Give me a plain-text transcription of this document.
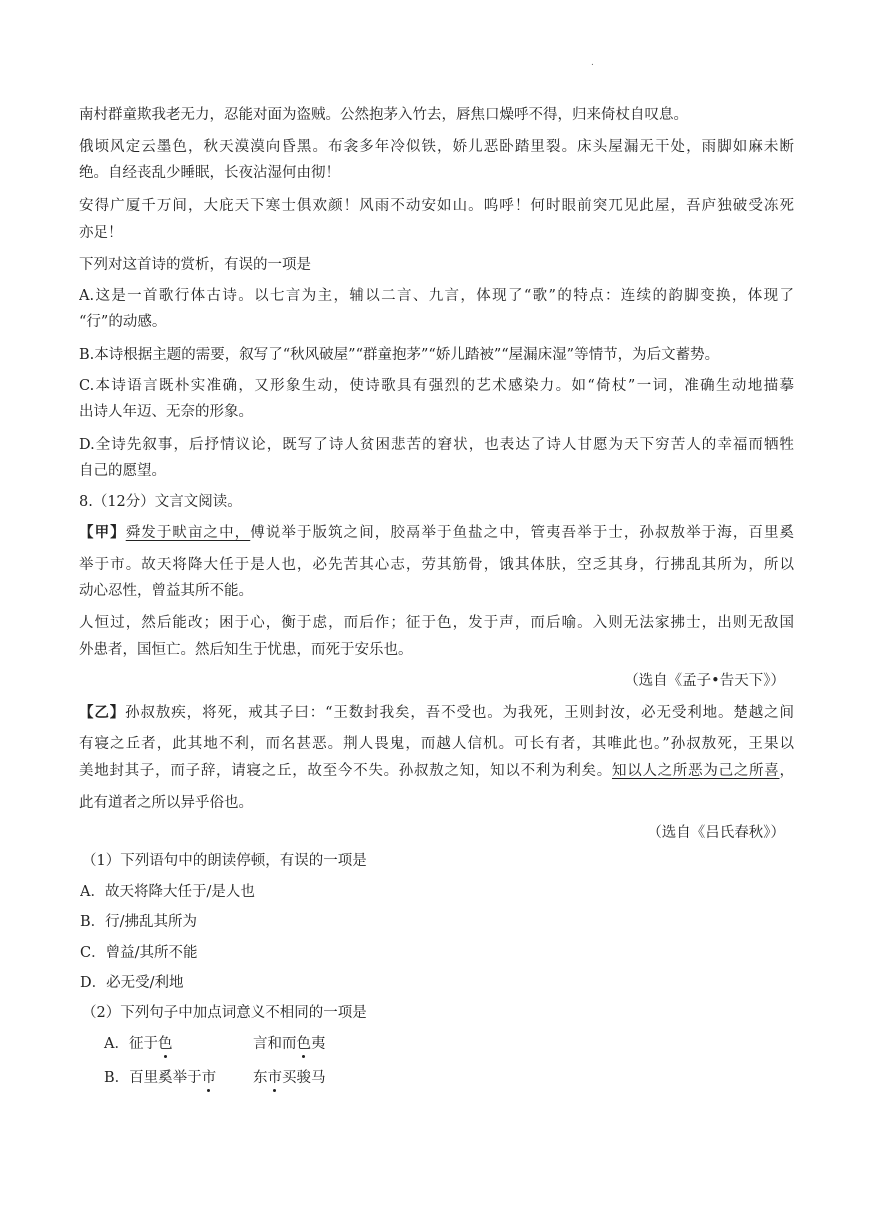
.
南村群童欺我老无力，忍能对面为盗贼。公然抱茅入竹去，唇焦口燥呼不得，归来倚杖自叹息。
俄顷风定云墨色，秋天漠漠向昏黑。布衾多年冷似铁，娇儿恶卧踏里裂。床头屋漏无干处，雨脚如麻未断
绝。自经丧乱少睡眠，长夜沾湿何由彻！
安得广厦千万间，大庇天下寒士俱欢颜！风雨不动安如山。呜呼！何时眼前突兀见此屋，吾庐独破受冻死
亦足！
下列对这首诗的赏析，有误的一项是
A.这是一首歌行体古诗。以七言为主，辅以二言、九言，体现了“歌”的特点：连续的韵脚变换，体现了
“行”的动感。
B.本诗根据主题的需要，叙写了“秋风破屋”“群童抱茅”“娇儿踏被”“屋漏床湿”等情节，为后文蓄势。
C.本诗语言既朴实准确，又形象生动，使诗歌具有强烈的艺术感染力。如“倚杖”一词，准确生动地描摹
出诗人年迈、无奈的形象。
D.全诗先叙事，后抒情议论，既写了诗人贫困悲苦的窘状，也表达了诗人甘愿为天下穷苦人的幸福而牺牲
自己的愿望。
8.（12分）文言文阅读。
【甲】舜发于畎亩之中，傅说举于版筑之间，胶鬲举于鱼盐之中，管夷吾举于士，孙叔敖举于海，百里奚
举于市。故天将降大任于是人也，必先苦其心志，劳其筋骨，饿其体肤，空乏其身，行拂乱其所为，所以
动心忍性，曾益其所不能。
人恒过，然后能改；困于心，衡于虑，而后作；征于色，发于声，而后喻。入则无法家拂士，出则无敌国
外患者，国恒亡。然后知生于忧患，而死于安乐也。
（选自《孟子•告天下》）
【乙】孙叔敖疾，将死，戒其子曰：“王数封我矣，吾不受也。为我死，王则封汝，必无受利地。楚越之间
有寝之丘者，此其地不利，而名甚恶。荆人畏鬼，而越人信机。可长有者，其唯此也。”孙叔敖死，王果以
美地封其子，而子辞，请寝之丘，故至今不失。孙叔敖之知，知以不利为利矣。知以人之所恶为己之所喜，
此有道者之所以异乎俗也。
（选自《吕氏春秋》）
（1）下列语句中的朗读停顿，有误的一项是
A．故天将降大任于/是人也
B．行/拂乱其所为
C．曾益/其所不能
D．必无受/利地
（2）下列句子中加点词意义不相同的一项是
A．征于色	言和而色夷
B．百里奚举于市	东市买骏马
